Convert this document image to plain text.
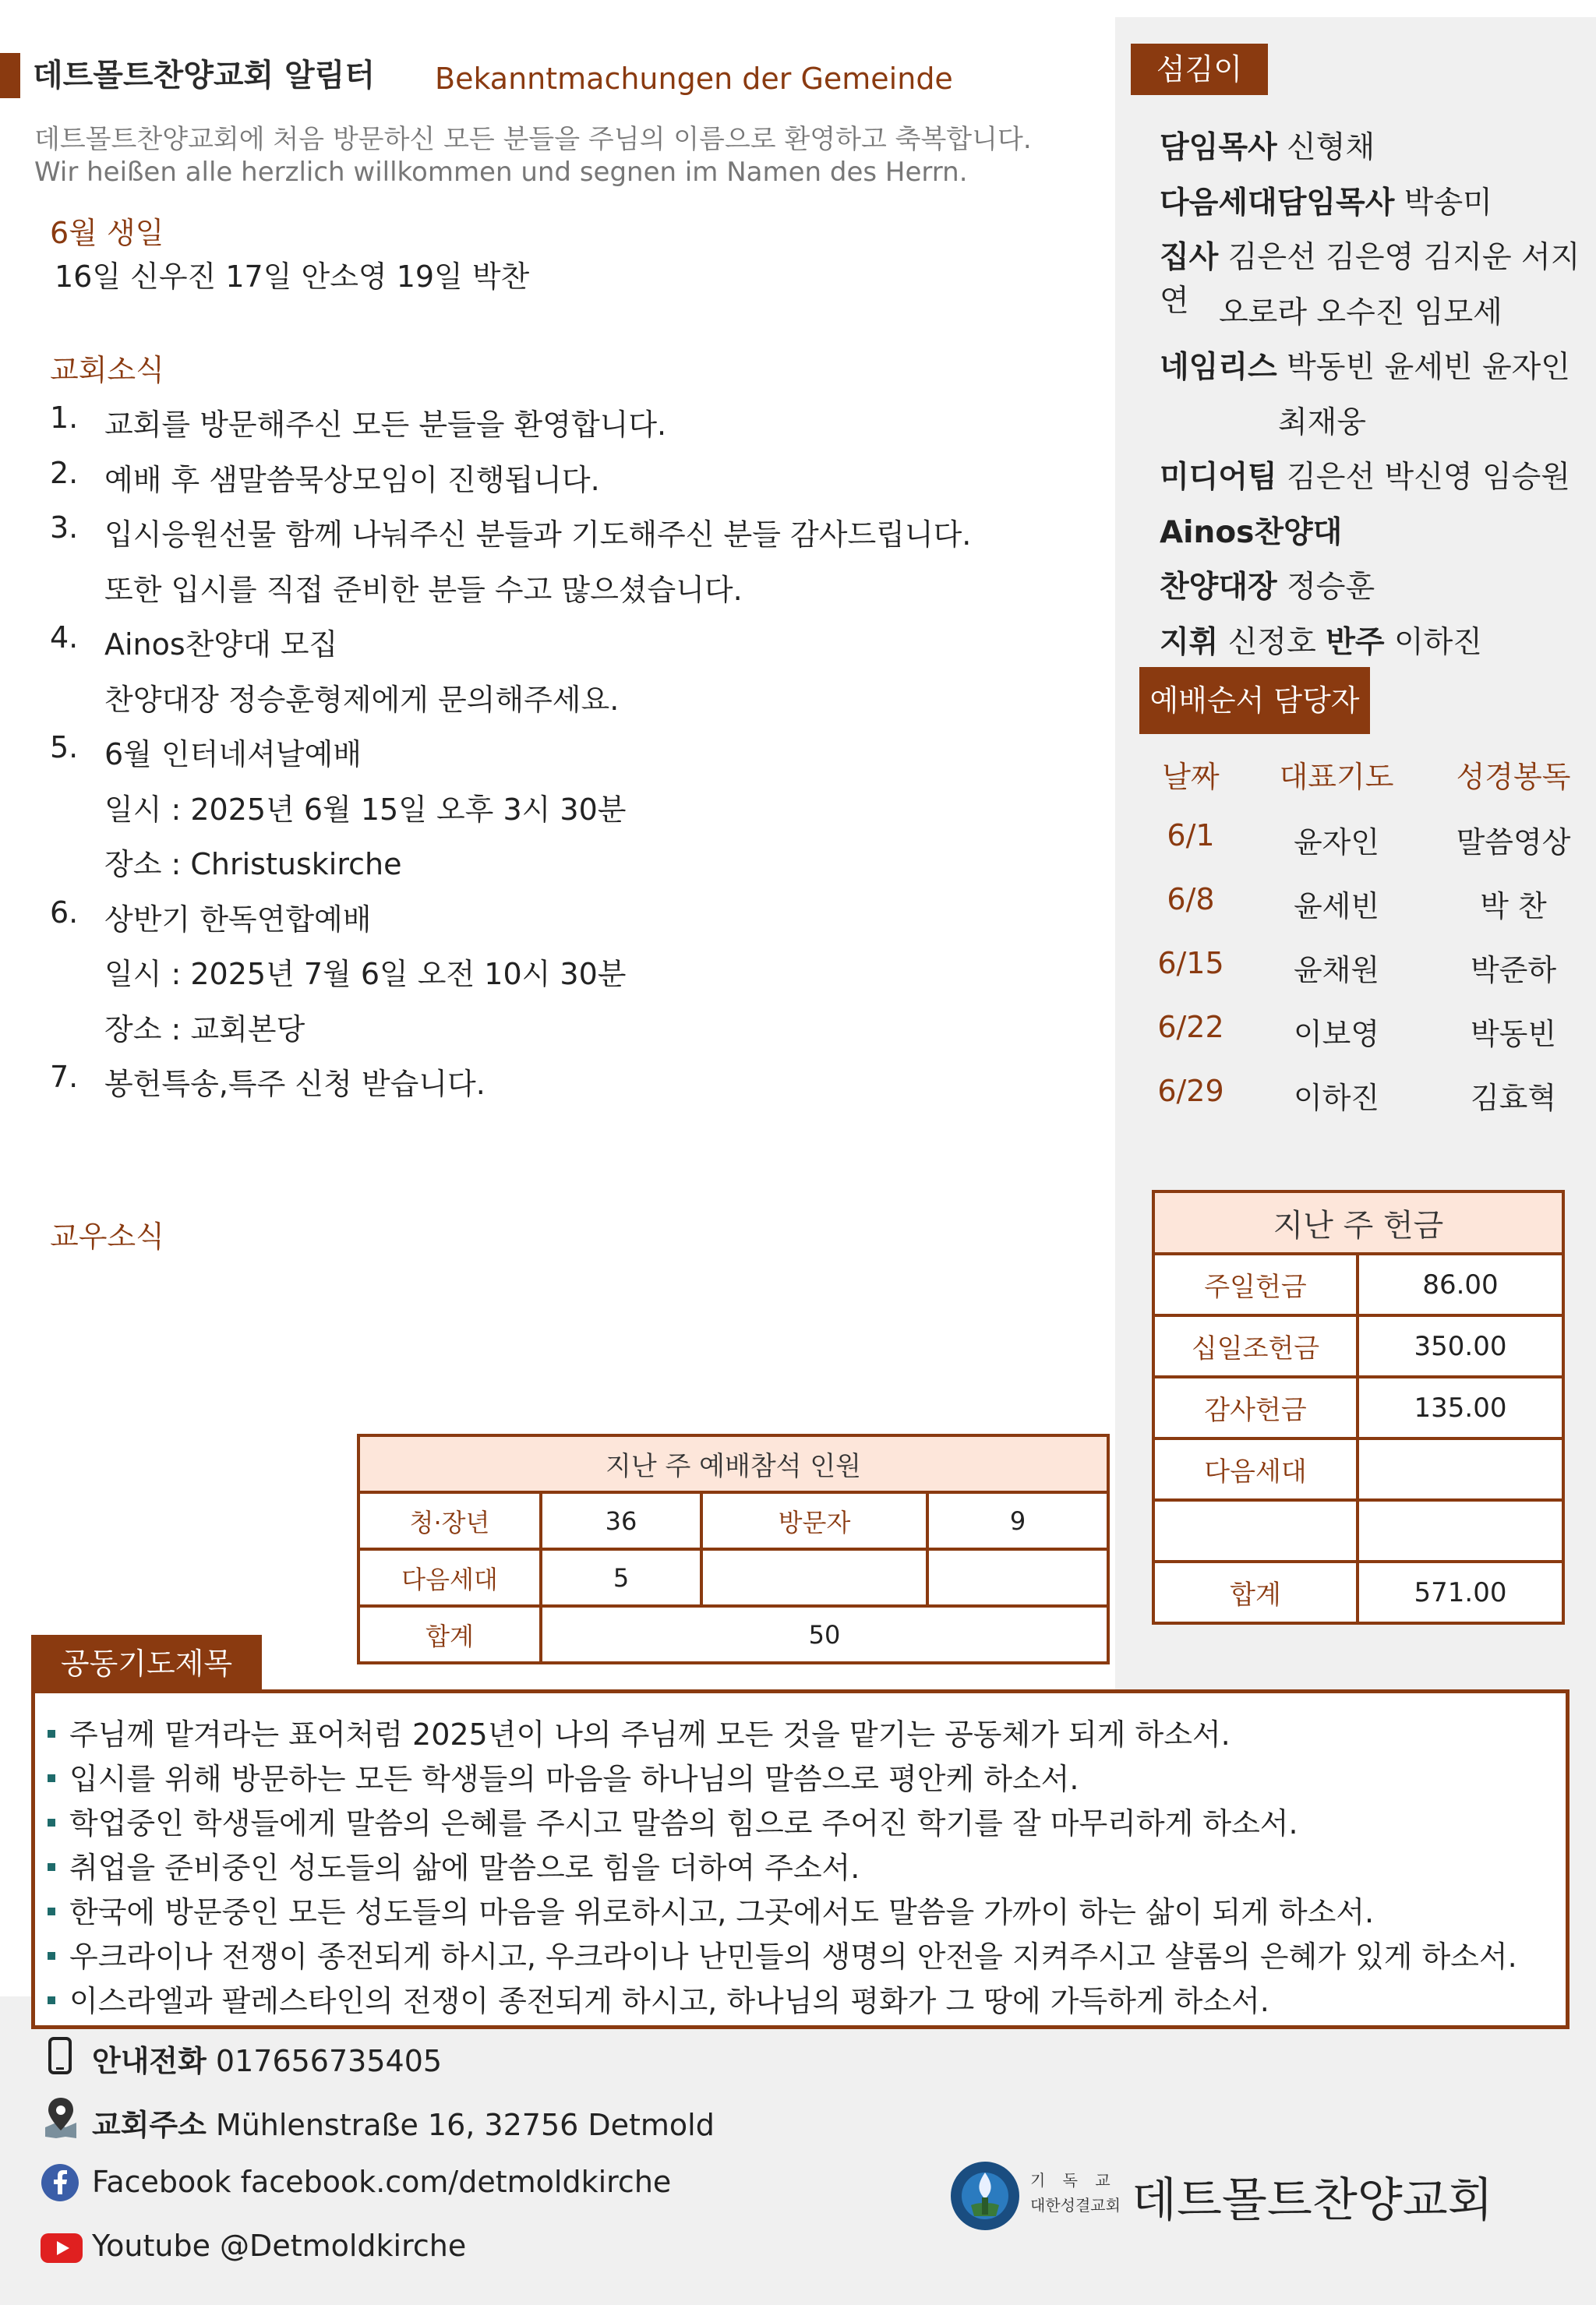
데트몰트찬양교회 알림터 Bekanntmachungen der Gemeinde
데트몰트찬양교회에 처음 방문하신 모든 분들을 주님의 이름으로 환영하고 축복합니다.
Wir heißen alle herzlich willkommen und segnen im Namen des Herrn.
6월 생일
16일 신우진 17일 안소영 19일 박찬
교회소식
1. 교회를 방문해주신 모든 분들을 환영합니다.
2. 예배 후 샘말씀묵상모임이 진행됩니다.
3. 입시응원선물 함께 나눠주신 분들과 기도해주신 분들 감사드립니다.
또한 입시를 직접 준비한 분들 수고 많으셨습니다.
4. Ainos찬양대 모집
찬양대장 정승훈형제에게 문의해주세요.
5. 6월 인터네셔날예배
일시 : 2025년 6월 15일 오후 3시 30분
장소 : Christuskirche
6. 상반기 한독연합예배
일시 : 2025년 7월 6일 오전 10시 30분
장소 : 교회본당
7. 봉헌특송,특주 신청 받습니다.
교우소식
섬김이
담임목사 신형채
다음세대담임목사 박송미
집사 김은선 김은영 김지운 서지연 오로라 오수진 임모세
네임리스 박동빈 윤세빈 윤자인
최재웅
미디어팀 김은선 박신영 임승원
Ainos찬양대
찬양대장 정승훈
지휘 신정호 반주 이하진
예배순서 담당자
날짜	대표기도	성경봉독
6/1	윤자인	말씀영상
6/8	윤세빈	박 찬
6/15	윤채원	박준하
6/22	이보영	박동빈
6/29	이하진	김효혁
지난 주 헌금	
주일헌금	86.00
십일조헌금	350.00
감사헌금	135.00
다음세대	

합계	571.00
지난 주 예배참석 인원			
청·장년	36	방문자	9
다음세대	5		
합계	50		
주님께 맡겨라는 표어처럼 2025년이 나의 주님께 모든 것을 맡기는 공동체가 되게 하소서.
입시를 위해 방문하는 모든 학생들의 마음을 하나님의 말씀으로 평안케 하소서.
학업중인 학생들에게 말씀의 은혜를 주시고 말씀의 힘으로 주어진 학기를 잘 마무리하게 하소서.
취업을 준비중인 성도들의 삶에 말씀으로 힘을 더하여 주소서.
한국에 방문중인 모든 성도들의 마음을 위로하시고, 그곳에서도 말씀을 가까이 하는 삶이 되게 하소서.
우크라이나 전쟁이 종전되게 하시고, 우크라이나 난민들의 생명의 안전을 지켜주시고 샬롬의 은혜가 있게 하소서.
이스라엘과 팔레스타인의 전쟁이 종전되게 하시고, 하나님의 평화가 그 땅에 가득하게 하소서.
공동기도제목
안내전화 017656735405
교회주소 Mühlenstraße 16, 32756 Detmold
Facebook facebook.com/detmoldkirche
Youtube @Detmoldkirche
기 독 교
대한성결교회 데트몰트찬양교회
